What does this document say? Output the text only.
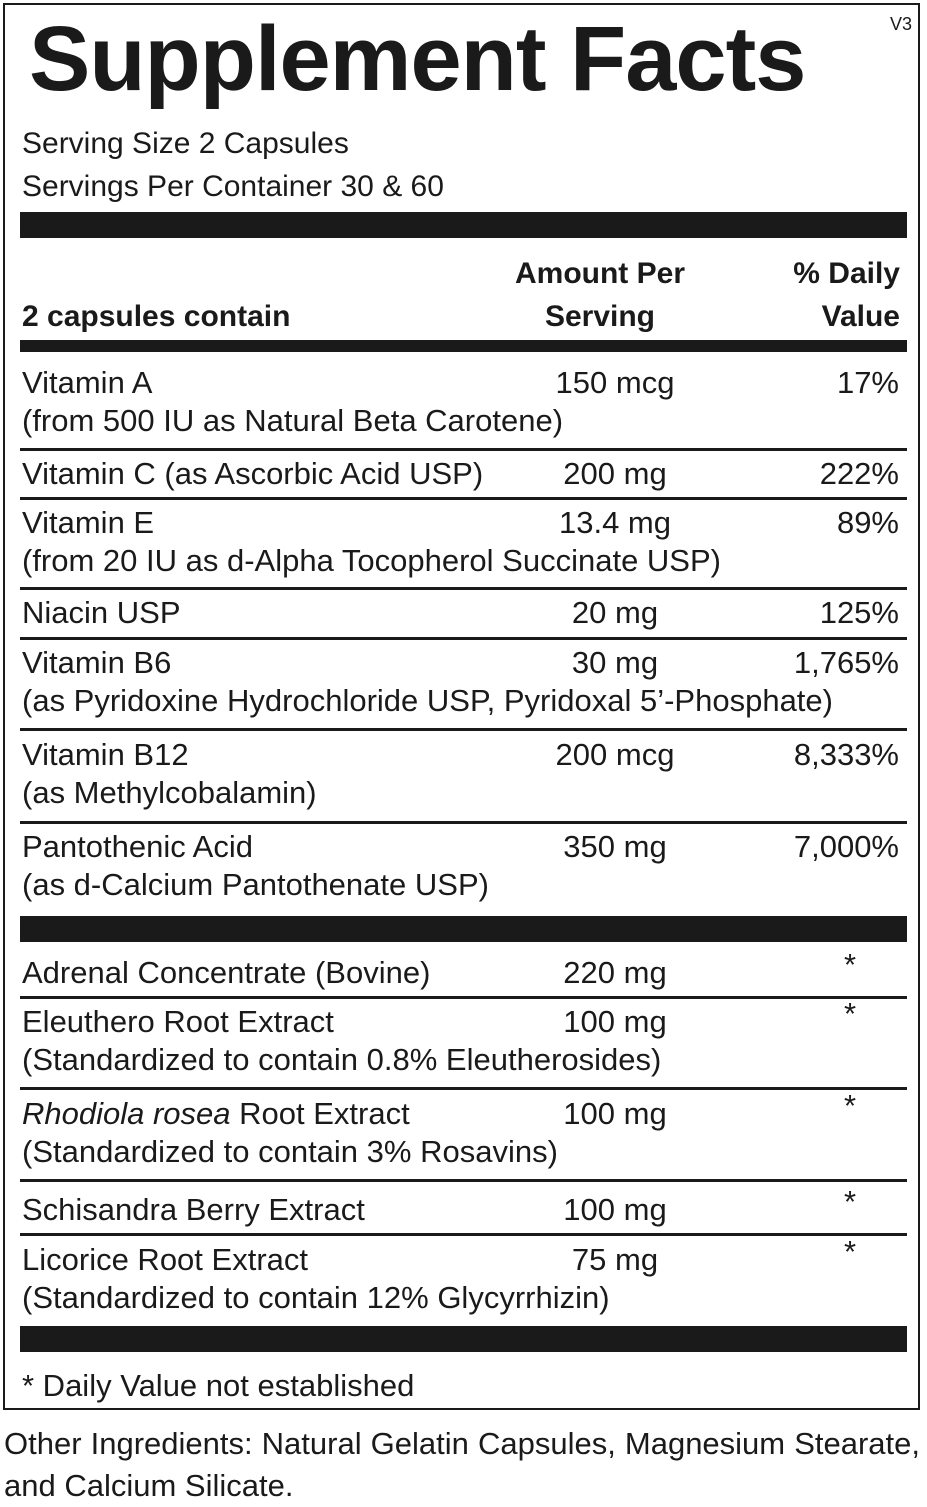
V3
Supplement Facts
Serving Size 2 Capsules
Servings Per Container 30 & 60
2 capsules contain
Amount Per
Serving
% Daily
Value
Vitamin A	150 mcg	17%
(from 500 IU as Natural Beta Carotene)
Vitamin C (as Ascorbic Acid USP)	200 mg	222%
Vitamin E	13.4 mg	89%
(from 20 IU as d-Alpha Tocopherol Succinate USP)
Niacin USP	20 mg	125%
Vitamin B6	30 mg	1,765%
(as Pyridoxine Hydrochloride USP, Pyridoxal 5’-Phosphate)
Vitamin B12	200 mcg	8,333%
(as Methylcobalamin)
Pantothenic Acid	350 mg	7,000%
(as d-Calcium Pantothenate USP)
Adrenal Concentrate (Bovine)	220 mg	*
Eleuthero Root Extract	100 mg	*
(Standardized to contain 0.8% Eleutherosides)
Rhodiola rosea Root Extract	100 mg	*
(Standardized to contain 3% Rosavins)
Schisandra Berry Extract	100 mg	*
Licorice Root Extract	75 mg	*
(Standardized to contain 12% Glycyrrhizin)
* Daily Value not established
Other Ingredients: Natural Gelatin Capsules, Magnesium Stearate, and Calcium Silicate.
